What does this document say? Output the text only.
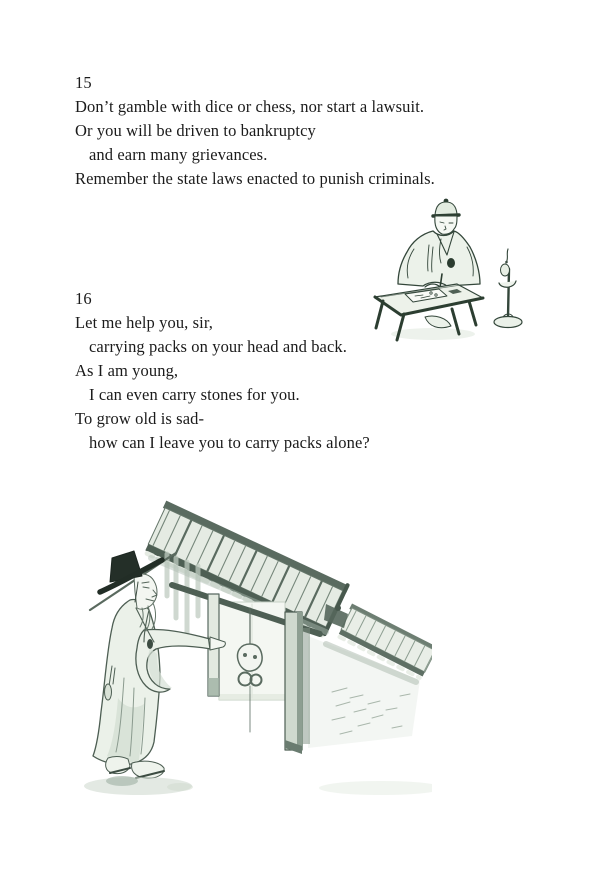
15
Don’t gamble with dice or chess, nor start a lawsuit.
Or you will be driven to bankruptcy
and earn many grievances.
Remember the state laws enacted to punish criminals.
16
Let me help you, sir,
carrying packs on your head and back.
As I am young,
I can even carry stones for you.
To grow old is sad-
how can I leave you to carry packs alone?
